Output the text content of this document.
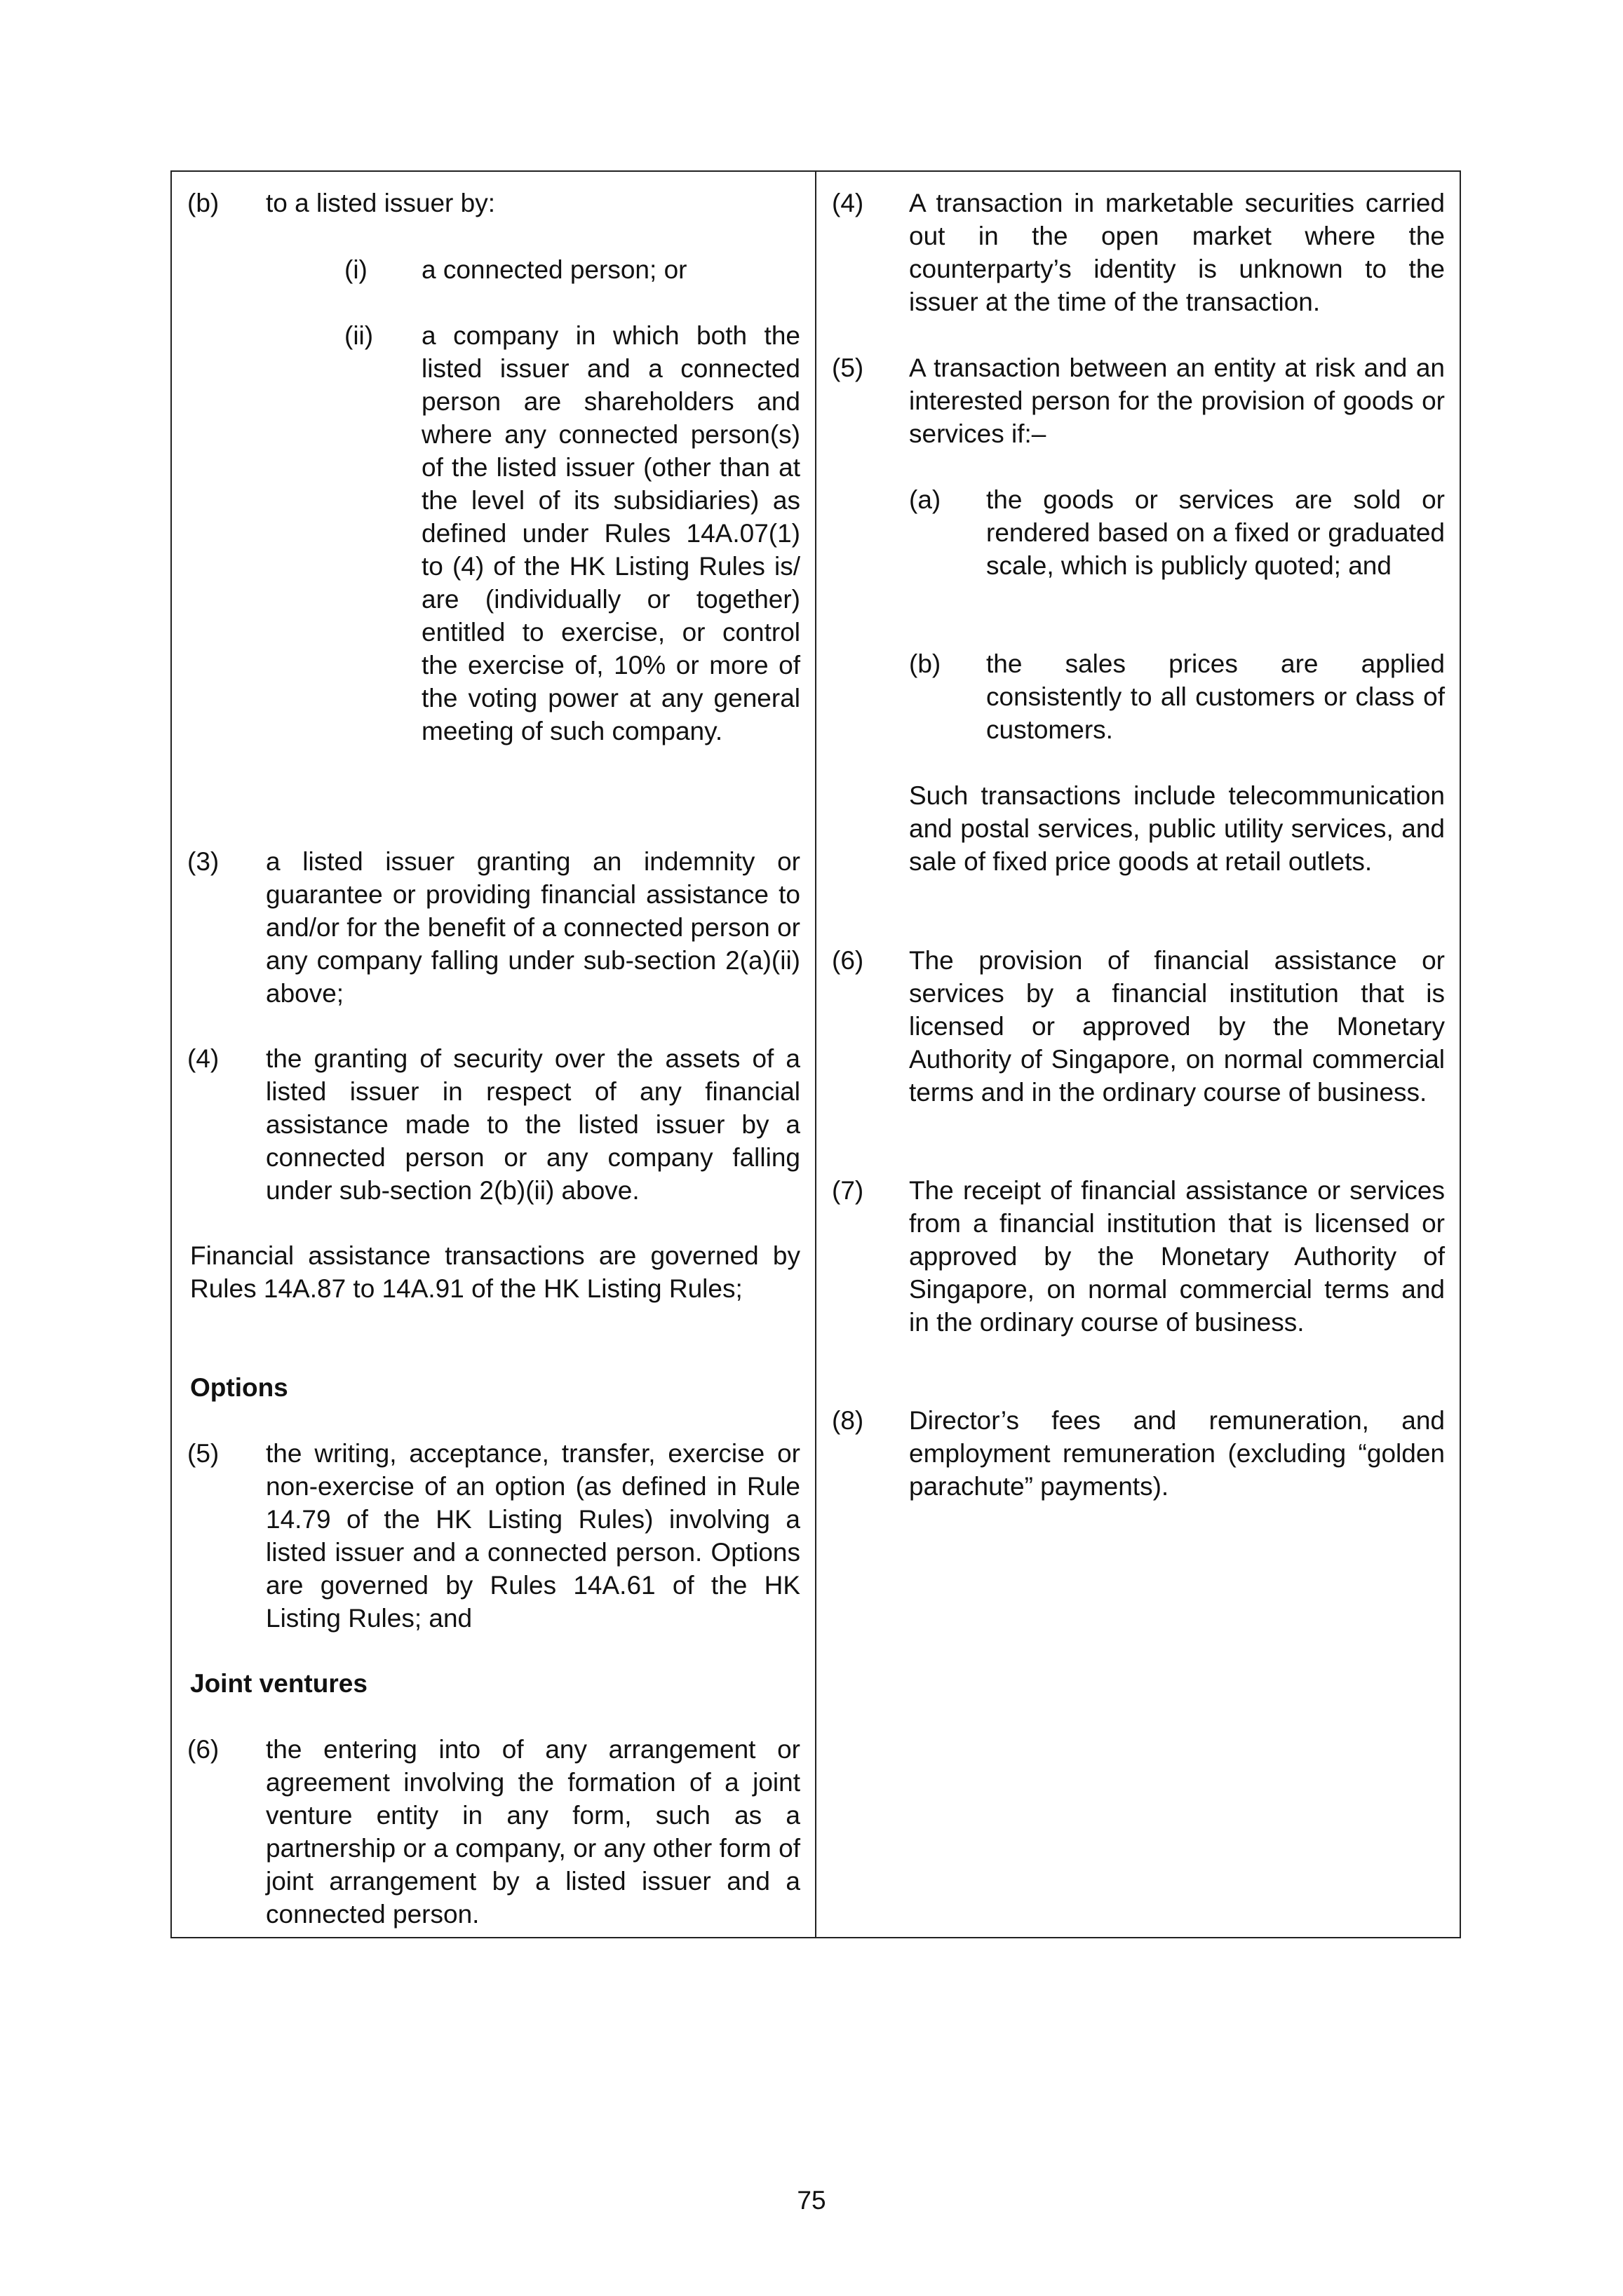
(b) to a listed issuer by:

(i) a connected person; or

(ii) a company in which both the listed issuer and a connected person are shareholders and where any connected person(s) of the listed issuer (other than at the level of its subsidiaries) as defined under Rules 14A.07(1) to (4) of the HK Listing Rules is/ are (individually or together) entitled to exercise, or control the exercise of, 10% or more of the voting power at any general meeting of such company.

(3) a listed issuer granting an indemnity or guarantee or providing financial assistance to and/or for the benefit of a connected person or any company falling under sub-section 2(a)(ii) above;

(4) the granting of security over the assets of a listed issuer in respect of any financial assistance made to the listed issuer by a connected person or any company falling under sub-section 2(b)(ii) above.

Financial assistance transactions are governed by Rules 14A.87 to 14A.91 of the HK Listing Rules;

Options
(5) the writing, acceptance, transfer, exercise or non-exercise of an option (as defined in Rule 14.79 of the HK Listing Rules) involving a listed issuer and a connected person. Options are governed by Rules 14A.61 of the HK Listing Rules; and

Joint ventures
(6) the entering into of any arrangement or agreement involving the formation of a joint venture entity in any form, such as a partnership or a company, or any other form of joint arrangement by a listed issuer and a connected person.

(4) A transaction in marketable securities carried out in the open market where the counterparty’s identity is unknown to the issuer at the time of the transaction.

(5) A transaction between an entity at risk and an interested person for the provision of goods or services if:–

(a) the goods or services are sold or rendered based on a fixed or graduated scale, which is publicly quoted; and

(b) the sales prices are applied consistently to all customers or class of customers.

Such transactions include telecommunication and postal services, public utility services, and sale of fixed price goods at retail outlets.

(6) The provision of financial assistance or services by a financial institution that is licensed or approved by the Monetary Authority of Singapore, on normal commercial terms and in the ordinary course of business.

(7) The receipt of financial assistance or services from a financial institution that is licensed or approved by the Monetary Authority of Singapore, on normal commercial terms and in the ordinary course of business.

(8) Director’s fees and remuneration, and employment remuneration (excluding “golden parachute” payments).

75
